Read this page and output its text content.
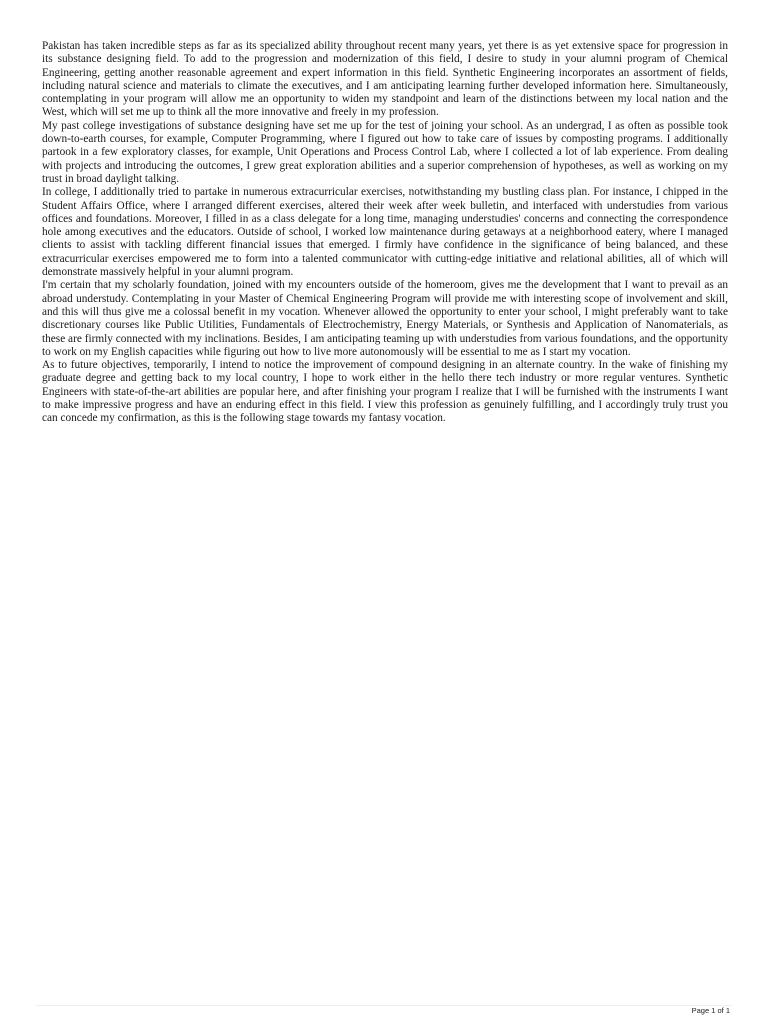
Pakistan has taken incredible steps as far as its specialized ability throughout recent many years, yet there is as yet extensive space for progression in its substance designing field. To add to the progression and modernization of this field, I desire to study in your alumni program of Chemical Engineering, getting another reasonable agreement and expert information in this field. Synthetic Engineering incorporates an assortment of fields, including natural science and materials to climate the executives, and I am anticipating learning further developed information here. Simultaneously, contemplating in your program will allow me an opportunity to widen my standpoint and learn of the distinctions between my local nation and the West, which will set me up to think all the more innovative and freely in my profession.

My past college investigations of substance designing have set me up for the test of joining your school. As an undergrad, I as often as possible took down-to-earth courses, for example, Computer Programming, where I figured out how to take care of issues by composting programs. I additionally partook in a few exploratory classes, for example, Unit Operations and Process Control Lab, where I collected a lot of lab experience. From dealing with projects and introducing the outcomes, I grew great exploration abilities and a superior comprehension of hypotheses, as well as working on my trust in broad daylight talking.

In college, I additionally tried to partake in numerous extracurricular exercises, notwithstanding my bustling class plan. For instance, I chipped in the Student Affairs Office, where I arranged different exercises, altered their week after week bulletin, and interfaced with understudies from various offices and foundations. Moreover, I filled in as a class delegate for a long time, managing understudies' concerns and connecting the correspondence hole among executives and the educators. Outside of school, I worked low maintenance during getaways at a neighborhood eatery, where I managed clients to assist with tackling different financial issues that emerged. I firmly have confidence in the significance of being balanced, and these extracurricular exercises empowered me to form into a talented communicator with cutting-edge initiative and relational abilities, all of which will demonstrate massively helpful in your alumni program.

I'm certain that my scholarly foundation, joined with my encounters outside of the homeroom, gives me the development that I want to prevail as an abroad understudy. Contemplating in your Master of Chemical Engineering Program will provide me with interesting scope of involvement and skill, and this will thus give me a colossal benefit in my vocation. Whenever allowed the opportunity to enter your school, I might preferably want to take discretionary courses like Public Utilities, Fundamentals of Electrochemistry, Energy Materials, or Synthesis and Application of Nanomaterials, as these are firmly connected with my inclinations. Besides, I am anticipating teaming up with understudies from various foundations, and the opportunity to work on my English capacities while figuring out how to live more autonomously will be essential to me as I start my vocation.

As to future objectives, temporarily, I intend to notice the improvement of compound designing in an alternate country. In the wake of finishing my graduate degree and getting back to my local country, I hope to work either in the hello there tech industry or more regular ventures. Synthetic Engineers with state-of-the-art abilities are popular here, and after finishing your program I realize that I will be furnished with the instruments I want to make impressive progress and have an enduring effect in this field. I view this profession as genuinely fulfilling, and I accordingly truly trust you can concede my confirmation, as this is the following stage towards my fantasy vocation.

Page 1 of 1
